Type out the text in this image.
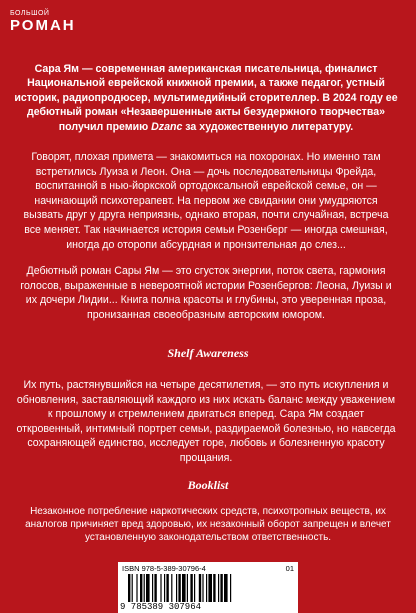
БОЛЬШОЙ
РОМАН

Сара Ям — современная американская писательница, финалист Национальной еврейской книжной премии, а также педагог, устный историк, радиопродюсер, мультимедийный сторителлер. В 2024 году ее дебютный роман «Незавершенные акты безудержного творчества» получил премию Dzanc за художественную литературу.

Говорят, плохая примета — знакомиться на похоронах. Но именно там встретились Луиза и Леон. Она — дочь последовательницы Фрейда, воспитанной в нью-йоркской ортодоксальной еврейской семье, он — начинающий психотерапевт. На первом же свидании они умудряются вызвать друг у друга неприязнь, однако вторая, почти случайная, встреча все меняет. Так начинается история семьи Розенберг — иногда смешная, иногда до оторопи абсурдная и пронзительная до слез...

Дебютный роман Сары Ям — это сгусток энергии, поток света, гармония голосов, выраженные в невероятной истории Розенбергов: Леона, Луизы и их дочери Лидии... Книга полна красоты и глубины, это уверенная проза, пронизанная своеобразным авторским юмором.

Shelf Awareness

Их путь, растянувшийся на четыре десятилетия, — это путь искупления и обновления, заставляющий каждого из них искать баланс между уважением к прошлому и стремлением двигаться вперед. Сара Ям создает откровенный, интимный портрет семьи, раздираемой болезнью, но навсегда сохраняющей единство, исследует горе, любовь и болезненную красоту прощания.

Booklist

Незаконное потребление наркотических средств, психотропных веществ, их аналогов причиняет вред здоровью, их незаконный оборот запрещен и влечет установленную законодательством ответственность.

ISBN 978-5-389-30796-4	01
9 785389 307964
